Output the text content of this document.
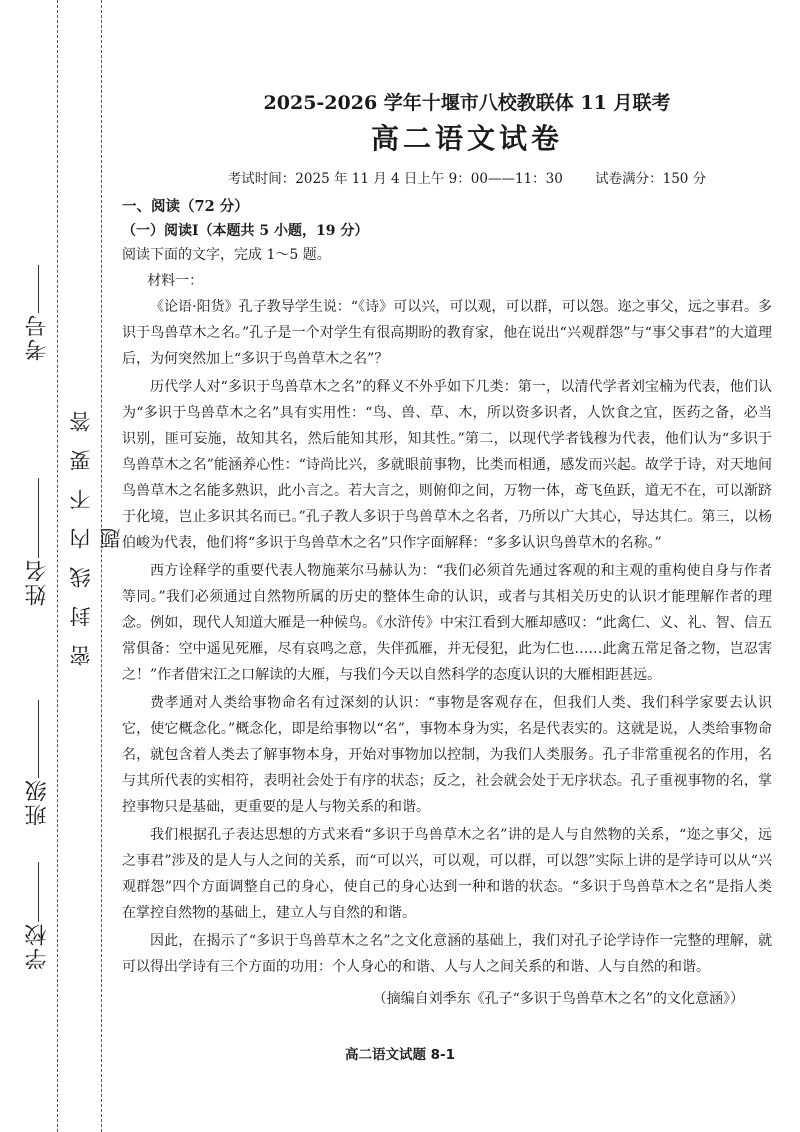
考号
姓名
班级
学校
密封线内不要答题
2025-2026 学年十堰市八校教联体 11 月联考
高二语文试卷
考试时间：2025 年 11 月 4 日上午 9：00——11：30 试卷满分：150 分
一、阅读（72 分）
（一）阅读I（本题共 5 小题，19 分）
阅读下面的文字，完成 1～5 题。
材料一：

《论语·阳货》孔子教导学生说：“《诗》可以兴，可以观，可以群，可以怨。迩之事父，远之事君。多识于鸟兽草木之名。”孔子是一个对学生有很高期盼的教育家，他在说出“兴观群怨”与“事父事君”的大道理后，为何突然加上“多识于鸟兽草木之名”？

历代学人对“多识于鸟兽草木之名”的释义不外乎如下几类：第一，以清代学者刘宝楠为代表，他们认为“多识于鸟兽草木之名”具有实用性：“鸟、兽、草、木，所以资多识者，人饮食之宜，医药之备，必当识别，匪可妄施，故知其名，然后能知其形，知其性。”第二，以现代学者钱穆为代表，他们认为“多识于鸟兽草木之名”能涵养心性：“诗尚比兴，多就眼前事物，比类而相通，感发而兴起。故学于诗，对天地间鸟兽草木之名能多熟识，此小言之。若大言之，则俯仰之间，万物一体，鸢飞鱼跃，道无不在，可以渐跻于化境，岂止多识其名而已。”孔子教人多识于鸟兽草木之名者，乃所以广大其心，导达其仁。第三，以杨伯峻为代表，他们将“多识于鸟兽草木之名”只作字面解释：“多多认识鸟兽草木的名称。”

西方诠释学的重要代表人物施莱尔马赫认为：“我们必须首先通过客观的和主观的重构使自身与作者等同。”我们必须通过自然物所属的历史的整体生命的认识，或者与其相关历史的认识才能理解作者的理念。例如，现代人知道大雁是一种候鸟。《水浒传》中宋江看到大雁却感叹：“此禽仁、义、礼、智、信五常俱备：空中遥见死雁，尽有哀鸣之意，失伴孤雁，并无侵犯，此为仁也……此禽五常足备之物，岂忍害之！”作者借宋江之口解读的大雁，与我们今天以自然科学的态度认识的大雁相距甚远。

费孝通对人类给事物命名有过深刻的认识：“事物是客观存在，但我们人类、我们科学家要去认识它，使它概念化。”概念化，即是给事物以“名”，事物本身为实，名是代表实的。这就是说，人类给事物命名，就包含着人类去了解事物本身，开始对事物加以控制，为我们人类服务。孔子非常重视名的作用，名与其所代表的实相符，表明社会处于有序的状态；反之，社会就会处于无序状态。孔子重视事物的名，掌控事物只是基础，更重要的是人与物关系的和谐。

我们根据孔子表达思想的方式来看“多识于鸟兽草木之名”讲的是人与自然物的关系，“迩之事父，远之事君”涉及的是人与人之间的关系，而“可以兴，可以观，可以群，可以怨”实际上讲的是学诗可以从“兴观群怨”四个方面调整自己的身心，使自己的身心达到一种和谐的状态。“多识于鸟兽草木之名”是指人类在掌控自然物的基础上，建立人与自然的和谐。

因此，在揭示了“多识于鸟兽草木之名”之文化意涵的基础上，我们对孔子论学诗作一完整的理解，就可以得出学诗有三个方面的功用：个人身心的和谐、人与人之间关系的和谐、人与自然的和谐。

（摘编自刘季东《孔子“多识于鸟兽草木之名”的文化意涵》）
高二语文试题 8-1
